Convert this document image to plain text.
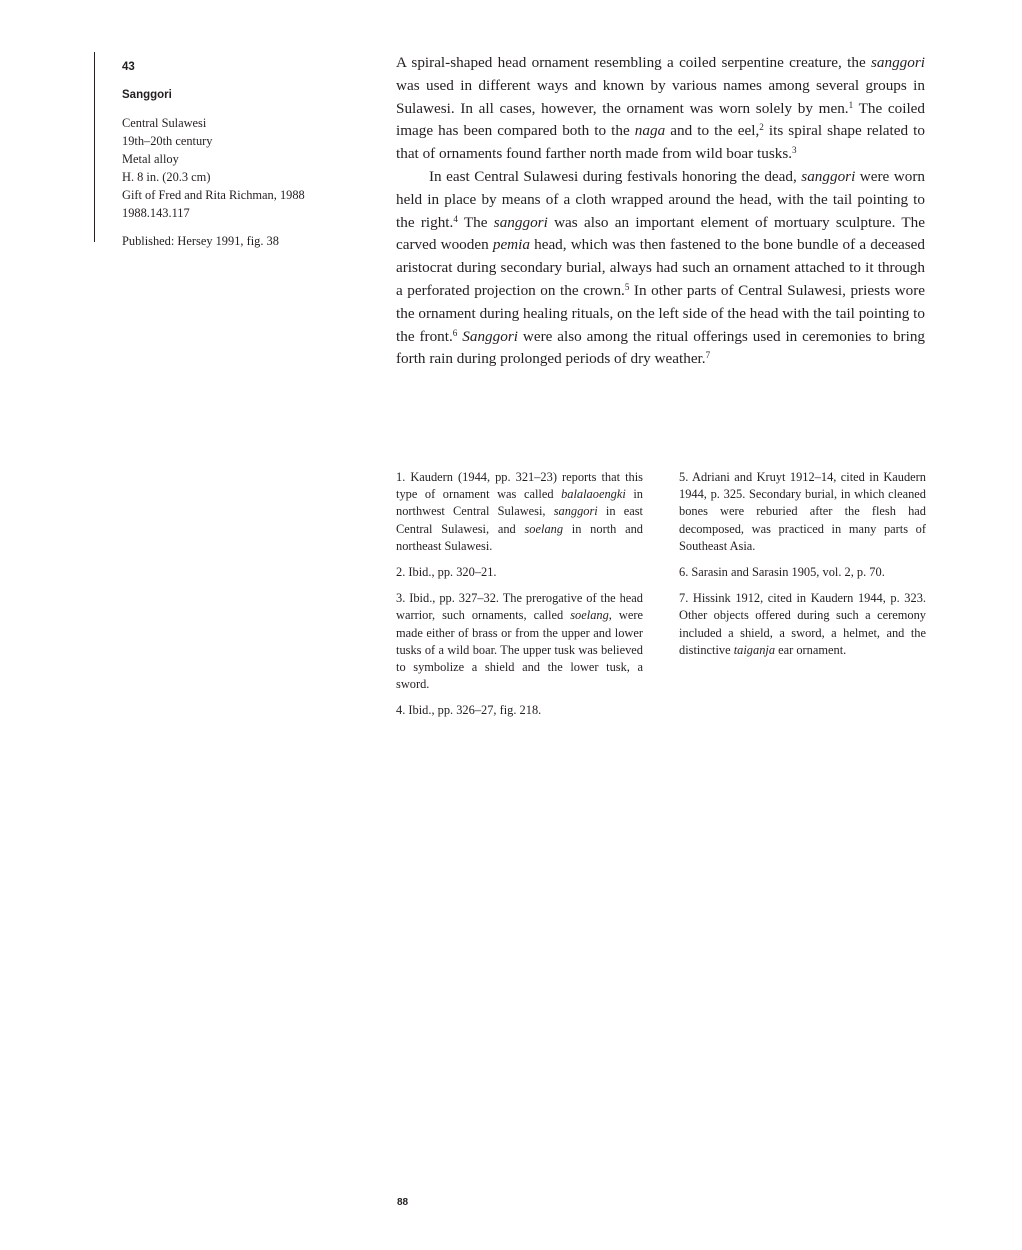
43
Sanggori
Central Sulawesi
19th–20th century
Metal alloy
H. 8 in. (20.3 cm)
Gift of Fred and Rita Richman, 1988
1988.143.117

Published: Hersey 1991, fig. 38

A spiral-shaped head ornament resembling a coiled serpentine creature, the sanggori was used in different ways and known by various names among several groups in Sulawesi. In all cases, however, the ornament was worn solely by men.$^1$ The coiled image has been compared both to the naga and to the eel,$^2$ its spiral shape related to that of ornaments found farther north made from wild boar tusks.$^3$

In east Central Sulawesi during festivals honoring the dead, sanggori were worn held in place by means of a cloth wrapped around the head, with the tail pointing to the right.$^4$ The sanggori was also an important element of mortuary sculpture. The carved wooden pemia head, which was then fastened to the bone bundle of a deceased aristocrat during secondary burial, always had such an ornament attached to it through a perforated projection on the crown.$^5$ In other parts of Central Sulawesi, priests wore the ornament during healing rituals, on the left side of the head with the tail pointing to the front.$^6$ Sanggori were also among the ritual offerings used in ceremonies to bring forth rain during prolonged periods of dry weather.$^7$

1. Kaudern (1944, pp. 321–23) reports that this type of ornament was called balalaoengki in northwest Central Sulawesi, sanggori in east Central Sulawesi, and soelang in north and northeast Sulawesi.

2. Ibid., pp. 320–21.

3. Ibid., pp. 327–32. The prerogative of the head warrior, such ornaments, called soelang, were made either of brass or from the upper and lower tusks of a wild boar. The upper tusk was believed to symbolize a shield and the lower tusk, a sword.

4. Ibid., pp. 326–27, fig. 218.

5. Adriani and Kruyt 1912–14, cited in Kaudern 1944, p. 325. Secondary burial, in which cleaned bones were reburied after the flesh had decomposed, was practiced in many parts of Southeast Asia.

6. Sarasin and Sarasin 1905, vol. 2, p. 70.

7. Hissink 1912, cited in Kaudern 1944, p. 323. Other objects offered during such a ceremony included a shield, a sword, a helmet, and the distinctive taiganja ear ornament.

88
